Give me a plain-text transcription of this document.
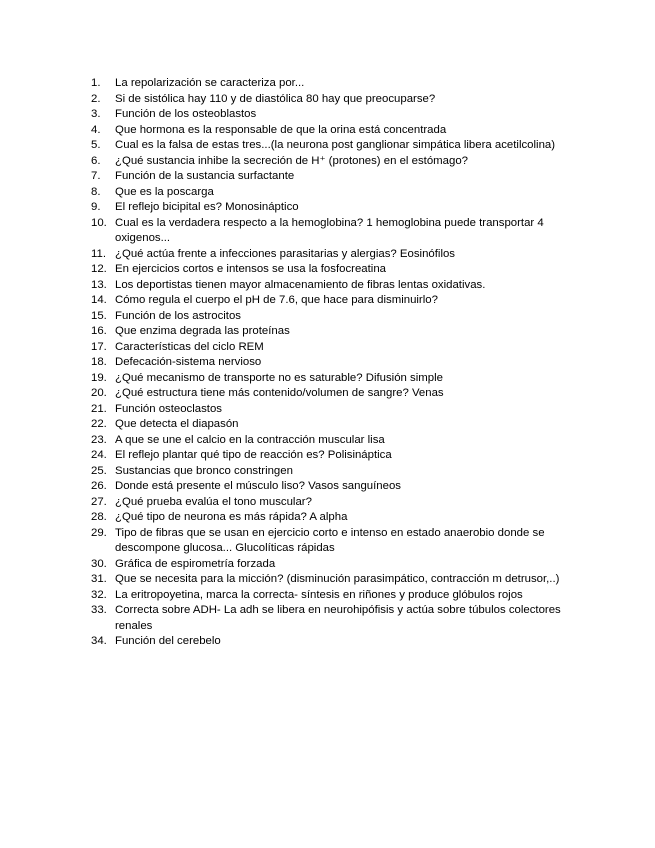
1.	La repolarización se caracteriza por...
2.	Si de sistólica hay 110 y de diastólica 80 hay que preocuparse?
3.	Función de los osteoblastos
4.	Que hormona es la responsable de que la orina está concentrada
5.	Cual es la falsa de estas tres...(la neurona post ganglionar simpática libera acetilcolina)
6.	¿Qué sustancia inhibe la secreción de H⁺ (protones) en el estómago?
7.	Función de la sustancia surfactante
8.	Que es la poscarga
9.	El reflejo bicipital es? Monosináptico
10. Cual es la verdadera respecto a la hemoglobina? 1 hemoglobina puede transportar 4 oxigenos...
11. ¿Qué actúa frente a infecciones parasitarias y alergias? Eosinófilos
12. En ejercicios cortos e intensos se usa la fosfocreatina
13. Los deportistas tienen mayor almacenamiento de fibras lentas oxidativas.
14. Cómo regula el cuerpo el pH de 7.6, que hace para disminuirlo?
15. Función de los astrocitos
16. Que enzima degrada las proteínas
17. Características del ciclo REM
18. Defecación-sistema nervioso
19. ¿Qué mecanismo de transporte no es saturable? Difusión simple
20. ¿Qué estructura tiene más contenido/volumen de sangre? Venas
21. Función osteoclastos
22. Que detecta el diapasón
23. A que se une el calcio en la contracción muscular lisa
24. El reflejo plantar qué tipo de reacción es? Polisináptica
25. Sustancias que bronco constringen
26. Donde está presente el músculo liso? Vasos sanguíneos
27. ¿Qué prueba evalúa el tono muscular?
28. ¿Qué tipo de neurona es más rápida? A alpha
29. Tipo de fibras que se usan en ejercicio corto e intenso en estado anaerobio donde se descompone glucosa... Glucolíticas rápidas
30. Gráfica de espirometría forzada
31. Que se necesita para la micción? (disminución parasimpático, contracción m detrusor,..)
32. La eritropoyetina, marca la correcta- síntesis en riñones y produce glóbulos rojos
33. Correcta sobre ADH- La adh se libera en neurohipófisis y actúa sobre túbulos colectores renales
34. Función del cerebelo
